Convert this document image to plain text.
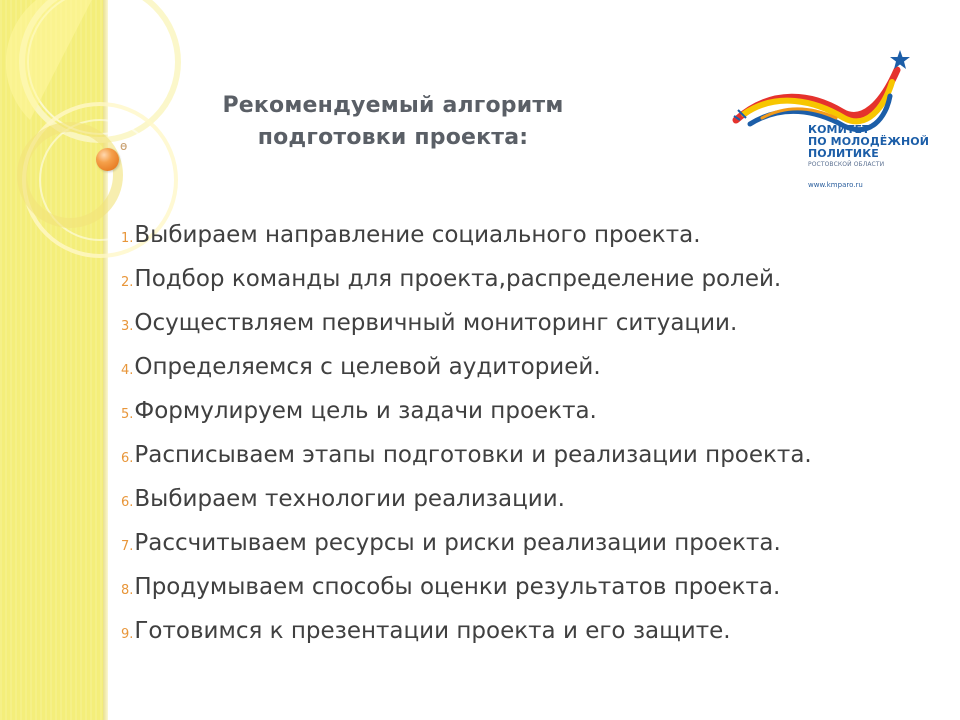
ɵ
Рекомендуемый алгоритм подготовки проекта:	КОМИТЕТ
ПО МОЛОДЁЖНОЙ
ПОЛИТИКЕ
РОСТОВСКОЙ ОБЛАСТИ
www.kmparo.ru
1.Выбираем направление социального проекта.
2.Подбор команды для проекта,распределение ролей.
3.Осуществляем первичный мониторинг ситуации.
4.Определяемся с целевой аудиторией.
5.Формулируем цель и задачи проекта.
6.Расписываем этапы подготовки и реализации проекта.
6.Выбираем технологии реализации.
7.Рассчитываем ресурсы и риски реализации проекта.
8.Продумываем способы оценки результатов проекта.
9.Готовимся к презентации проекта и его защите.
